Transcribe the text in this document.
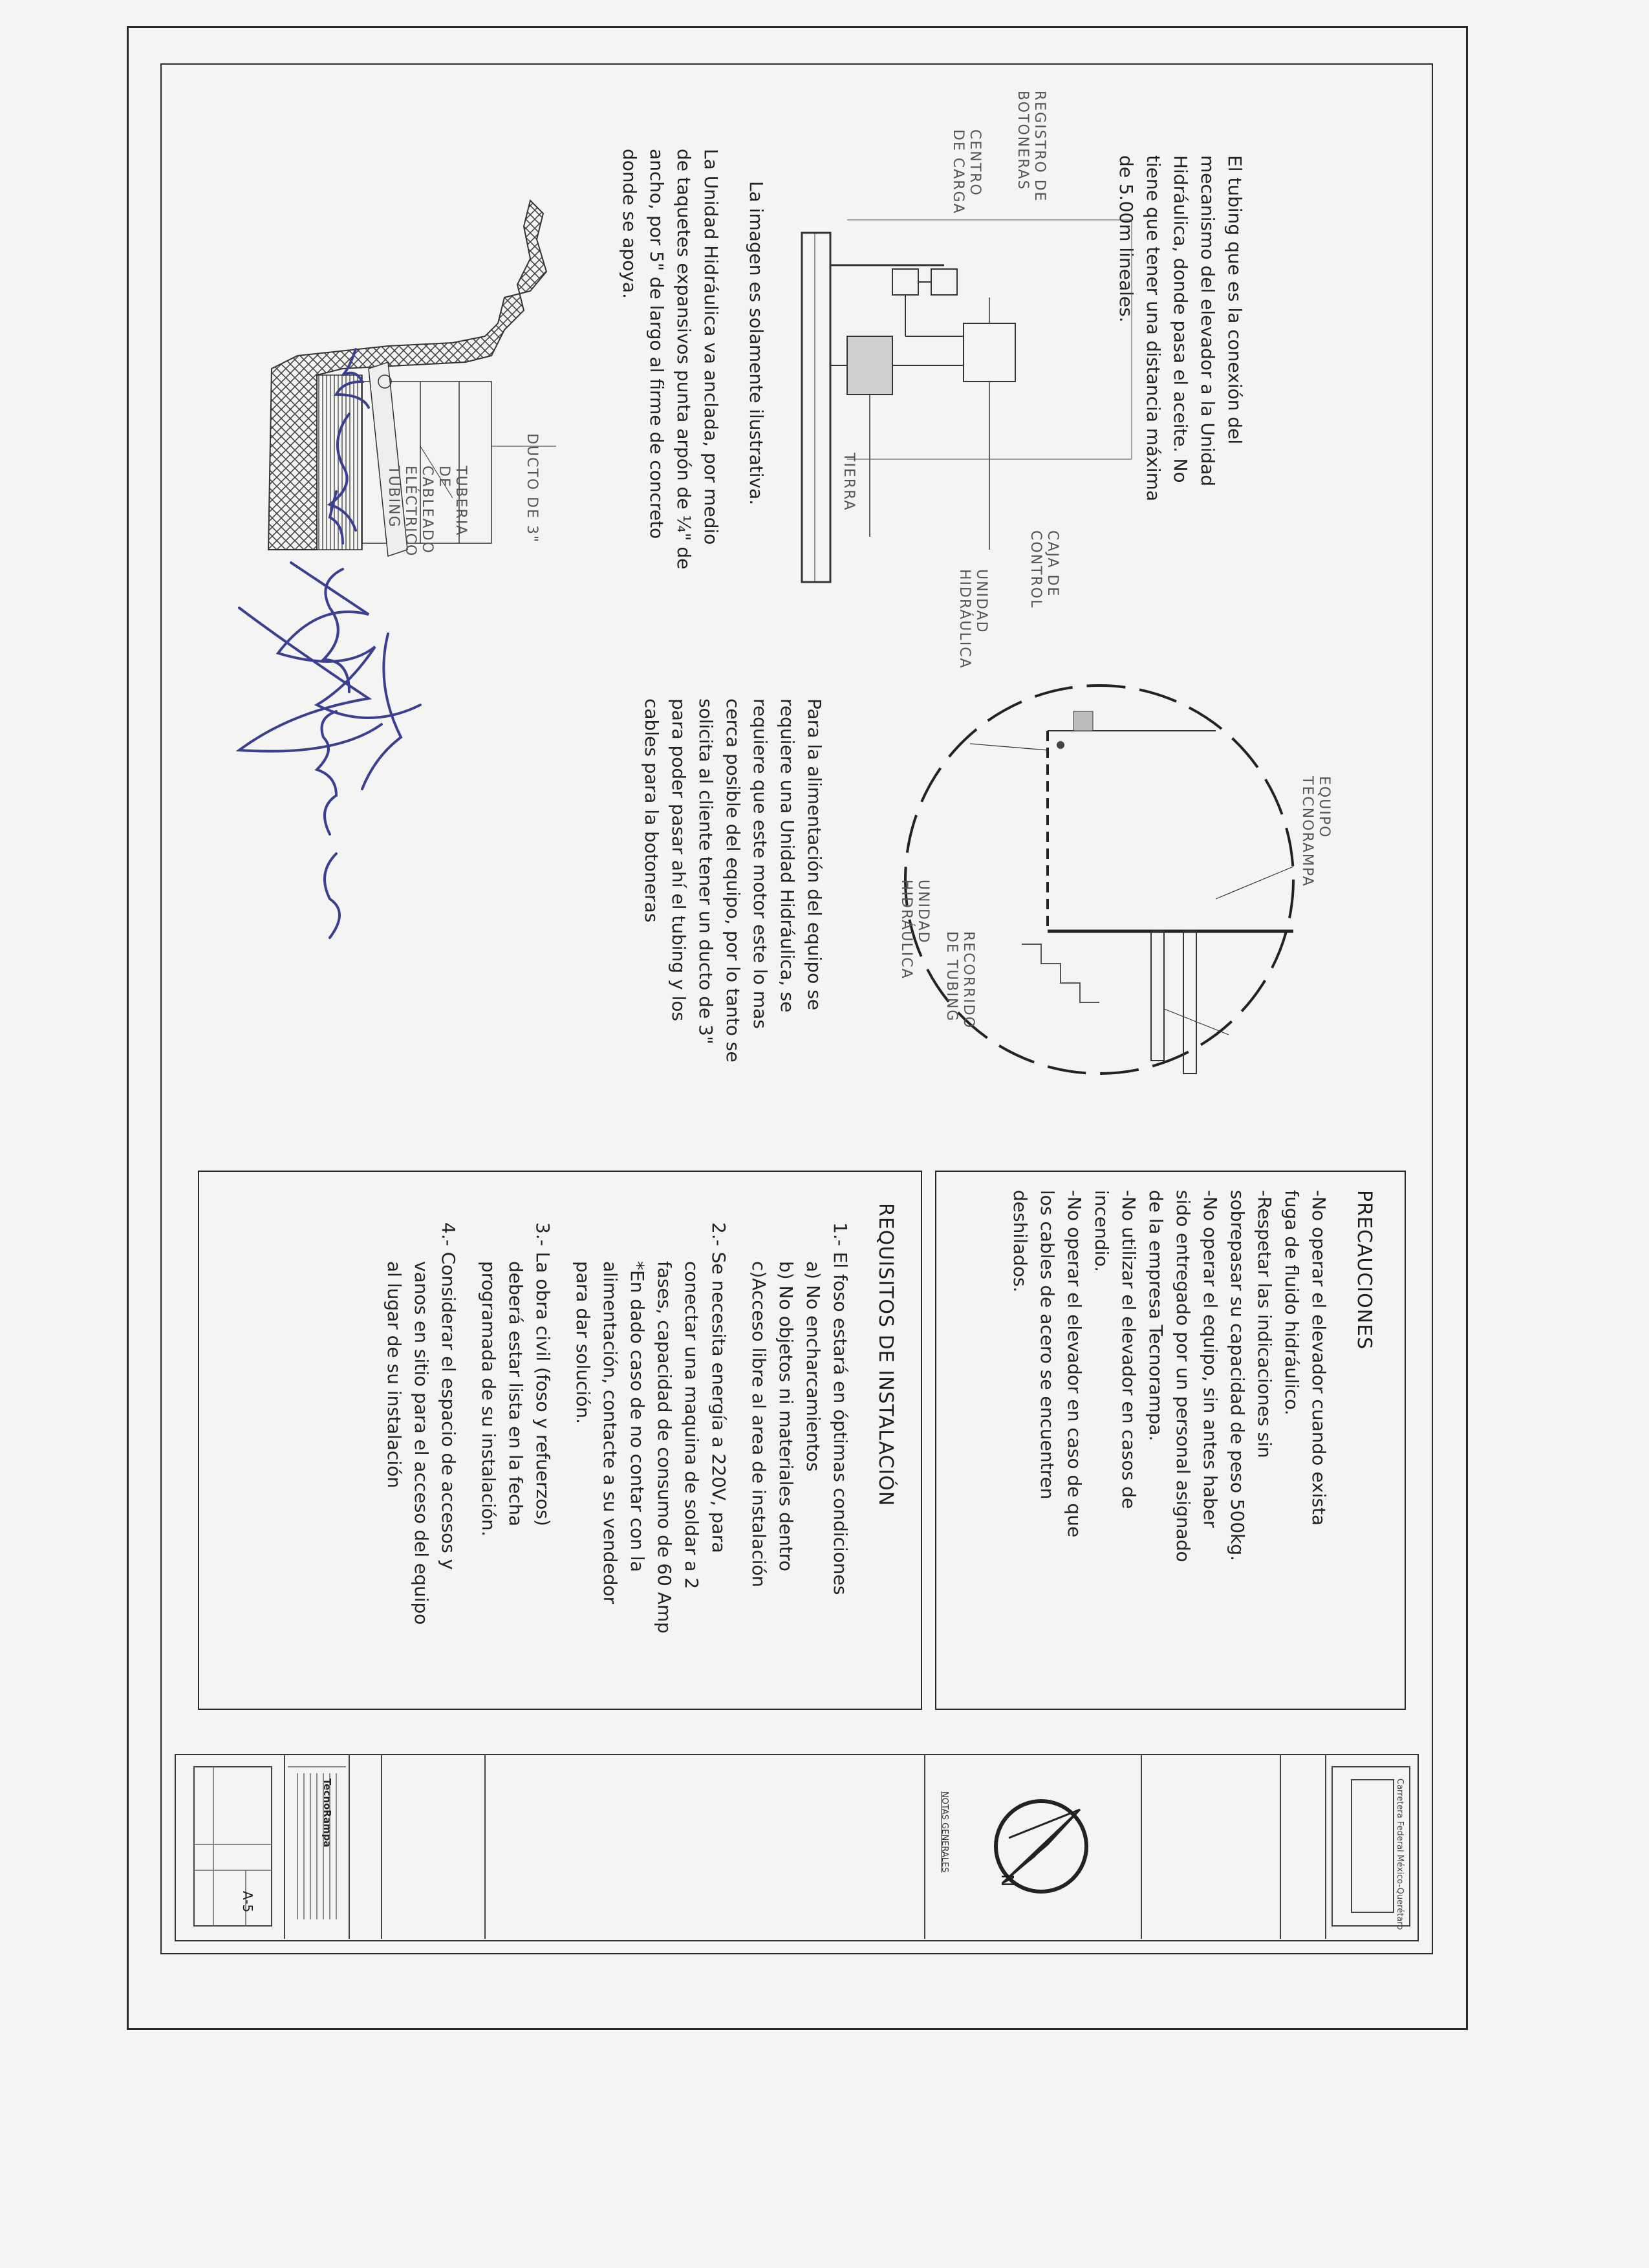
El tubing que es la conexión del

mecanismo del elevador a la Unidad

Hidráulica, donde pasa el aceite. No

tiene que tener una distancia máxima

de 5.00m lineales.

REGISTRO DE

BOTONERAS

CENTRO

DE CARGA

CAJA DE

CONTROL

UNIDAD

HIDRÁULICA

TIERRA

La imagen es solamente ilustrativa.

La Unidad Hidráulica va anclada, por medio

de taquetes expansivos punta arpón de ¼" de

ancho, por 5" de largo al firme de concreto

donde se apoya.

DUCTO DE 3"

TUBERIA

DE

CABLEADO

ELÉCTRICO

TUBING

EQUIPO

TECNORAMPA

RECORRIDO

DE TUBING

UNIDAD

HIDRÁULICA

Para la alimentación del equipo se

requiere una Unidad Hidráulica, se

requiere que este motor este lo mas

cerca posible del equipo, por lo tanto se

solicita al cliente tener un ducto de 3"

para poder pasar ahí el tubing y los

cables para la botoneras

PRECAUCIONES

-No operar el elevador cuando exista

fuga de fluido hidráulico.

-Respetar las indicaciones sin

sobrepasar su capacidad de peso 500kg.

-No operar el equipo, sin antes haber

sido entregado por un personal asignado

de la empresa Tecnorampa.

-No utilizar el elevador en casos de

incendio.

-No operar el elevador en caso de que

los cables de acero se encuentren

deshilados.

REQUISITOS DE INSTALACIÓN

1.- El foso estará en óptimas condiciones

a) No encharcamientos

b) No objetos ni materiales dentro

c)Acceso libre al area de instalación

2.- Se necesita energía a 220V, para

conectar una maquina de soldar a 2

fases, capacidad de consumo de 60 Amp

*En dado caso de no contar con la

alimentación, contacte a su vendedor

para dar solución.

3.- La obra civil (foso y refuerzos)

deberá estar lista en la fecha

programada de su instalación.

4.- Considerar el espacio de accesos y

vanos en sitio para el acceso del equipo

al lugar de su instalación

Carretera Federal México-Querétaro

NOTAS GENERALES

N

TecnoRampa

A-5
